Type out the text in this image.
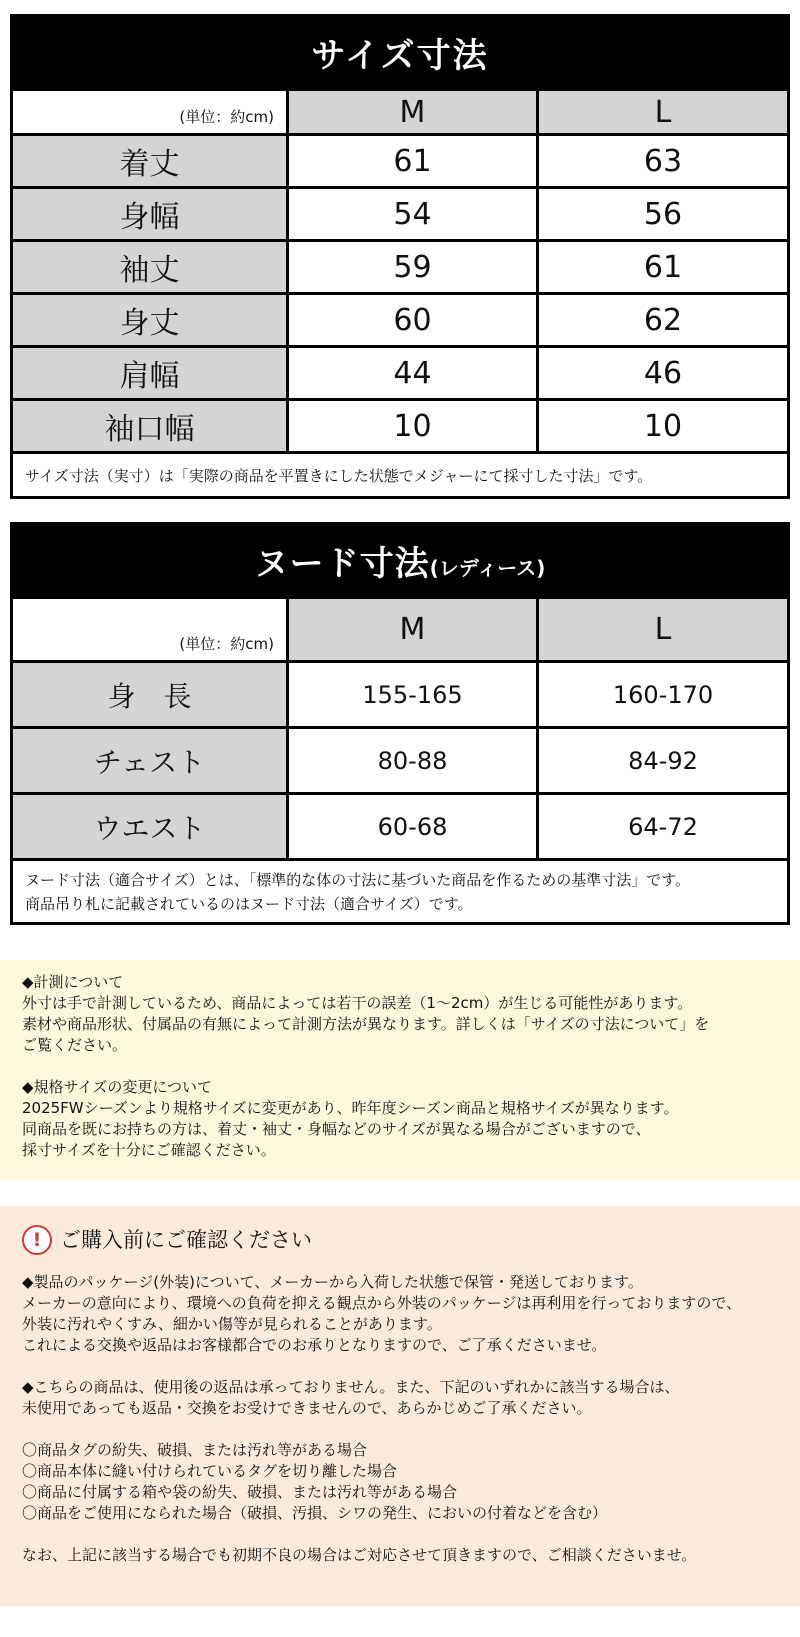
サイズ寸法		
(単位：約cm)	M	L
着丈	61	63
身幅	54	56
袖丈	59	61
身丈	60	62
肩幅	44	46
袖口幅	10	10
サイズ寸法（実寸）は「実際の商品を平置きにした状態でメジャーにて採寸した寸法」です。		
ヌード寸法(レディース)		
(単位：約cm)	M	L
身　長	155-165	160-170
チェスト	80-88	84-92
ウエスト	60-68	64-72

ヌード寸法（適合サイズ）とは、「標準的な体の寸法に基づいた商品を作るための基準寸法」です。
商品吊り札に記載されているのはヌード寸法（適合サイズ）です。		

◆計測について
外寸は手で計測しているため、商品によっては若干の誤差（1〜2cm）が生じる可能性があります。
素材や商品形状、付属品の有無によって計測方法が異なります。詳しくは「サイズの寸法について」を
ご覧ください。

◆規格サイズの変更について
2025FWシーズンより規格サイズに変更があり、昨年度シーズン商品と規格サイズが異なります。
同商品を既にお持ちの方は、着丈・袖丈・身幅などのサイズが異なる場合がございますので、
採寸サイズを十分にご確認ください。

! ご購入前にご確認ください

◆製品のパッケージ(外装)について、メーカーから入荷した状態で保管・発送しております。
メーカーの意向により、環境への負荷を抑える観点から外装のパッケージは再利用を行っておりますので、
外装に汚れやくすみ、細かい傷等が見られることがあります。
これによる交換や返品はお客様都合でのお承りとなりますので、ご了承くださいませ。

◆こちらの商品は、使用後の返品は承っておりません。また、下記のいずれかに該当する場合は、
未使用であっても返品・交換をお受けできませんので、あらかじめご了承ください。

〇商品タグの紛失、破損、または汚れ等がある場合
〇商品本体に縫い付けられているタグを切り離した場合
〇商品に付属する箱や袋の紛失、破損、または汚れ等がある場合
〇商品をご使用になられた場合（破損、汚損、シワの発生、においの付着などを含む）

なお、上記に該当する場合でも初期不良の場合はご対応させて頂きますので、ご相談くださいませ。
